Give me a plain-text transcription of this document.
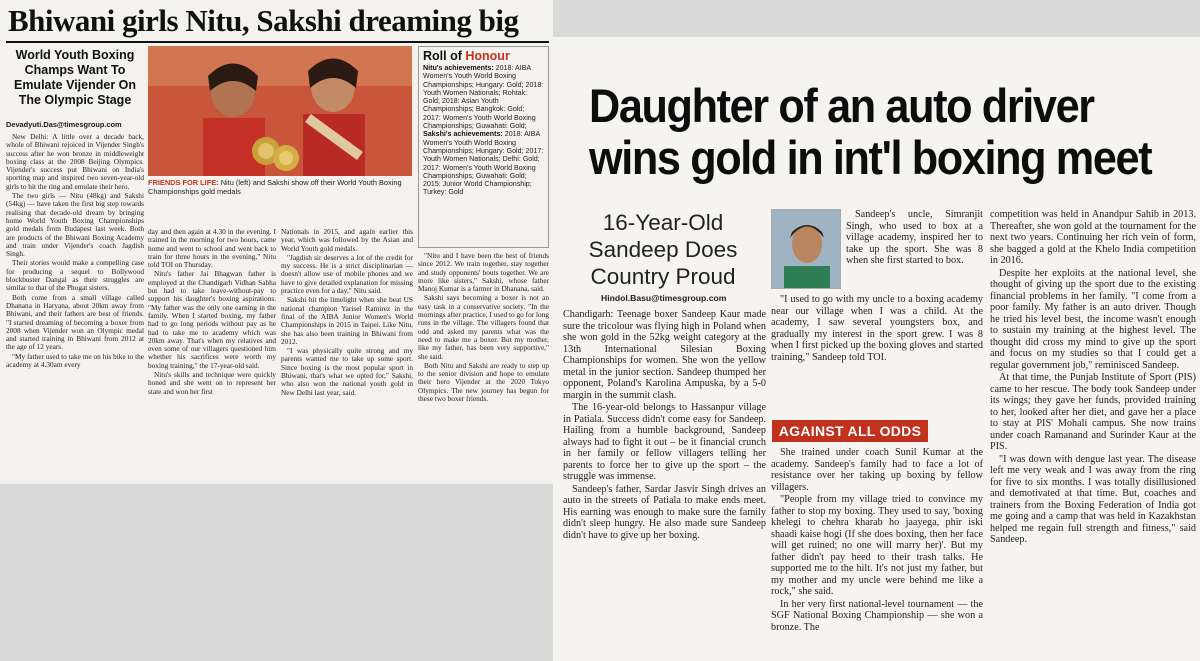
Bhiwani girls Nitu, Sakshi dreaming big
World Youth Boxing Champs Want To Emulate Vijender On The Olympic Stage
Devadyuti.Das@timesgroup.com

New Delhi: A little over a decade back, whole of Bhiwani rejoiced in Vijender Singh's success after he won bronze in middleweight boxing class at the 2008 Beijing Olympics. Vijender's success put Bhiwani on India's sporting map and inspired two seven-year-old girls to hit the ring and emulate their hero.

The two girls — Nitu (48kg) and Sakshi (54kg) — have taken the first big step towards realising that decade-old dream by bringing home World Youth Boxing Championships gold medals from Budapest last week. Both are products of the Bhiwani Boxing Academy and train under Vijender's coach Jagdish Singh.

Their stories would make a compelling case for producing a sequel to Bollywood blockbuster Dangal as their struggles are similar to that of the Phogat sisters.

Both come from a small village called Dhanana in Haryana, about 20km away from Bhiwani, and their fathers are best of friends. "I started dreaming of becoming a boxer from 2008 when Vijender won an Olympic medal and started training in Bhiwani from 2012 at the age of 12 years.

"My father used to take me on his bike to the academy at 4.30am every

FRIENDS FOR LIFE: Nitu (left) and Sakshi show off their World Youth Boxing Championships gold medals
Roll of Honour
Nitu's achievements: 2018: AIBA Women's Youth World Boxing Championships; Hungary: Gold; 2018: Youth Women Nationals; Rohtak: Gold; 2018: Asian Youth Championships; Bangkok: Gold; 2017: Women's Youth World Boxing Championships; Guwahati: Gold;
Sakshi's achievements: 2018: AIBA Women's Youth World Boxing Championships; Hungary: Gold; 2017: Youth Women Nationals; Delhi: Gold; 2017: Women's Youth World Boxing Championships; Guwahati: Gold; 2015: Junior World Championship; Turkey: Gold

day and then again at 4.30 in the evening. I trained in the morning for two hours, came home and went to school and went back to train for three hours in the evening," Nitu told TOI on Thursday.

Nitu's father Jai Bhagwan father is employed at the Chandigarh Vidhan Sabha but had to take leave-without-pay to support his daughter's boxing aspirations. "My father was the only one earning in the family. When I started boxing, my father had to go long periods without pay as he had to take me to academy which was 20km away. That's when my relatives and even some of our villagers questioned him whether his sacrifices were worth my boxing training," the 17-year-old said.

Nitu's skills and technique were quickly honed and she went on to represent her state and won her first

Nationals in 2015, and again earlier this year, which was followed by the Asian and World Youth gold medals.

"Jagdish sir deserves a lot of the credit for my success. He is a strict disciplinarian — doesn't allow use of mobile phones and we have to give detailed explanation for missing practice even for a day," Nitu said.

Sakshi hit the limelight when she beat US national champion Yarisel Ramirez in the final of the AIBA Junior Women's World Championships in 2015 in Taipei. Like Nitu, she has also been training in Bhiwani from 2012.

"I was physically quite strong and my parents wanted me to take up some sport. Since boxing is the most popular sport in Bhiwani, that's what we opted for," Sakshi, who also won the national youth gold in New Delhi last year, said.

"Nitu and I have been the best of friends since 2012. We train together, stay together and study opponents' bouts together. We are more like sisters," Sakshi, whose father Manoj Kumar is a farmer in Dhanana, said.

Sakshi says becoming a boxer is not an easy task in a conservative society. "In the mornings after practice, I used to go for long runs in the village. The villagers found that odd and asked my parents what was the need to make me a boxer. But my mother, like my father, has been very supportive," she said.

Both Nitu and Sakshi are ready to step up to the senior division and hope to emulate their hero Vijender at the 2020 Tokyo Olympics. The new journey has begun for these two boxer friends.

Daughter of an auto driver
wins gold in int'l boxing meet
16-Year-Old Sandeep Does Country Proud
Hindol.Basu@timesgroup.com

Chandigarh: Teenage boxer Sandeep Kaur made sure the tricolour was flying high in Poland when she won gold in the 52kg weight category at the 13th International Silesian Boxing Championships for women. She won the yellow metal in the junior section. Sandeep thumped her opponent, Poland's Karolina Ampuska, by a 5-0 margin in the summit clash.

The 16-year-old belongs to Hassanpur village in Patiala. Success didn't come easy for Sandeep. Hailing from a humble background, Sandeep always had to fight it out – be it financial crunch in her family or fellow villagers telling her parents to force her to give up the sport – the struggle was immense.

Sandeep's father, Sardar Jasvir Singh drives an auto in the streets of Patiala to make ends meet. His earning was enough to make sure the family didn't sleep hungry. He also made sure Sandeep didn't have to give up her boxing.

Sandeep's uncle, Simranjit Singh, who used to box at a village academy, inspired her to take up the sport. She was 8 when she first started to box.

"I used to go with my uncle to a boxing academy near our village when I was a child. At the academy, I saw several youngsters box, and gradually my interest in the sport grew. I was 8 when I first picked up the boxing gloves and started training," Sandeep told TOI.

AGAINST ALL ODDS

She trained under coach Sunil Kumar at the academy. Sandeep's family had to face a lot of resistance over her taking up boxing by fellow villagers.

"People from my village tried to convince my father to stop my boxing. They used to say, 'boxing khelegi to chehra kharab ho jaayega, phir iski shaadi kaise hogi (If she does boxing, then her face will get ruined; no one will marry her)'. But my father didn't pay heed to their trash talks. He supported me to the hilt. It's not just my father, but my mother and my uncle were behind me like a rock," she said.

In her very first national-level tournament — the SGF National Boxing Championship — she won a bronze. The

competition was held in Anandpur Sahib in 2013. Thereafter, she won gold at the tournament for the next two years. Continuing her rich vein of form, she bagged a gold at the Khelo India competition in 2016.

Despite her exploits at the national level, she thought of giving up the sport due to the existing financial problems in her family. "I come from a poor family. My father is an auto driver. Though he tried his level best, the income wasn't enough to sustain my training at the highest level. The thought did cross my mind to give up the sport and focus on my studies so that I could get a regular government job," reminisced Sandeep.

At that time, the Punjab Institute of Sport (PIS) came to her rescue. The body took Sandeep under its wings; they gave her funds, provided training to her, looked after her diet, and gave her a place to stay at PIS' Mohali campus. She now trains under coach Ramanand and Surinder Kaur at the PIS.

"I was down with dengue last year. The disease left me very weak and I was away from the ring for five to six months. I was totally disillusioned and demotivated at that time. But, coaches and trainers from the Boxing Federation of India got me going and a camp that was held in Kazakhstan helped me regain full strength and fitness," said Sandeep.
